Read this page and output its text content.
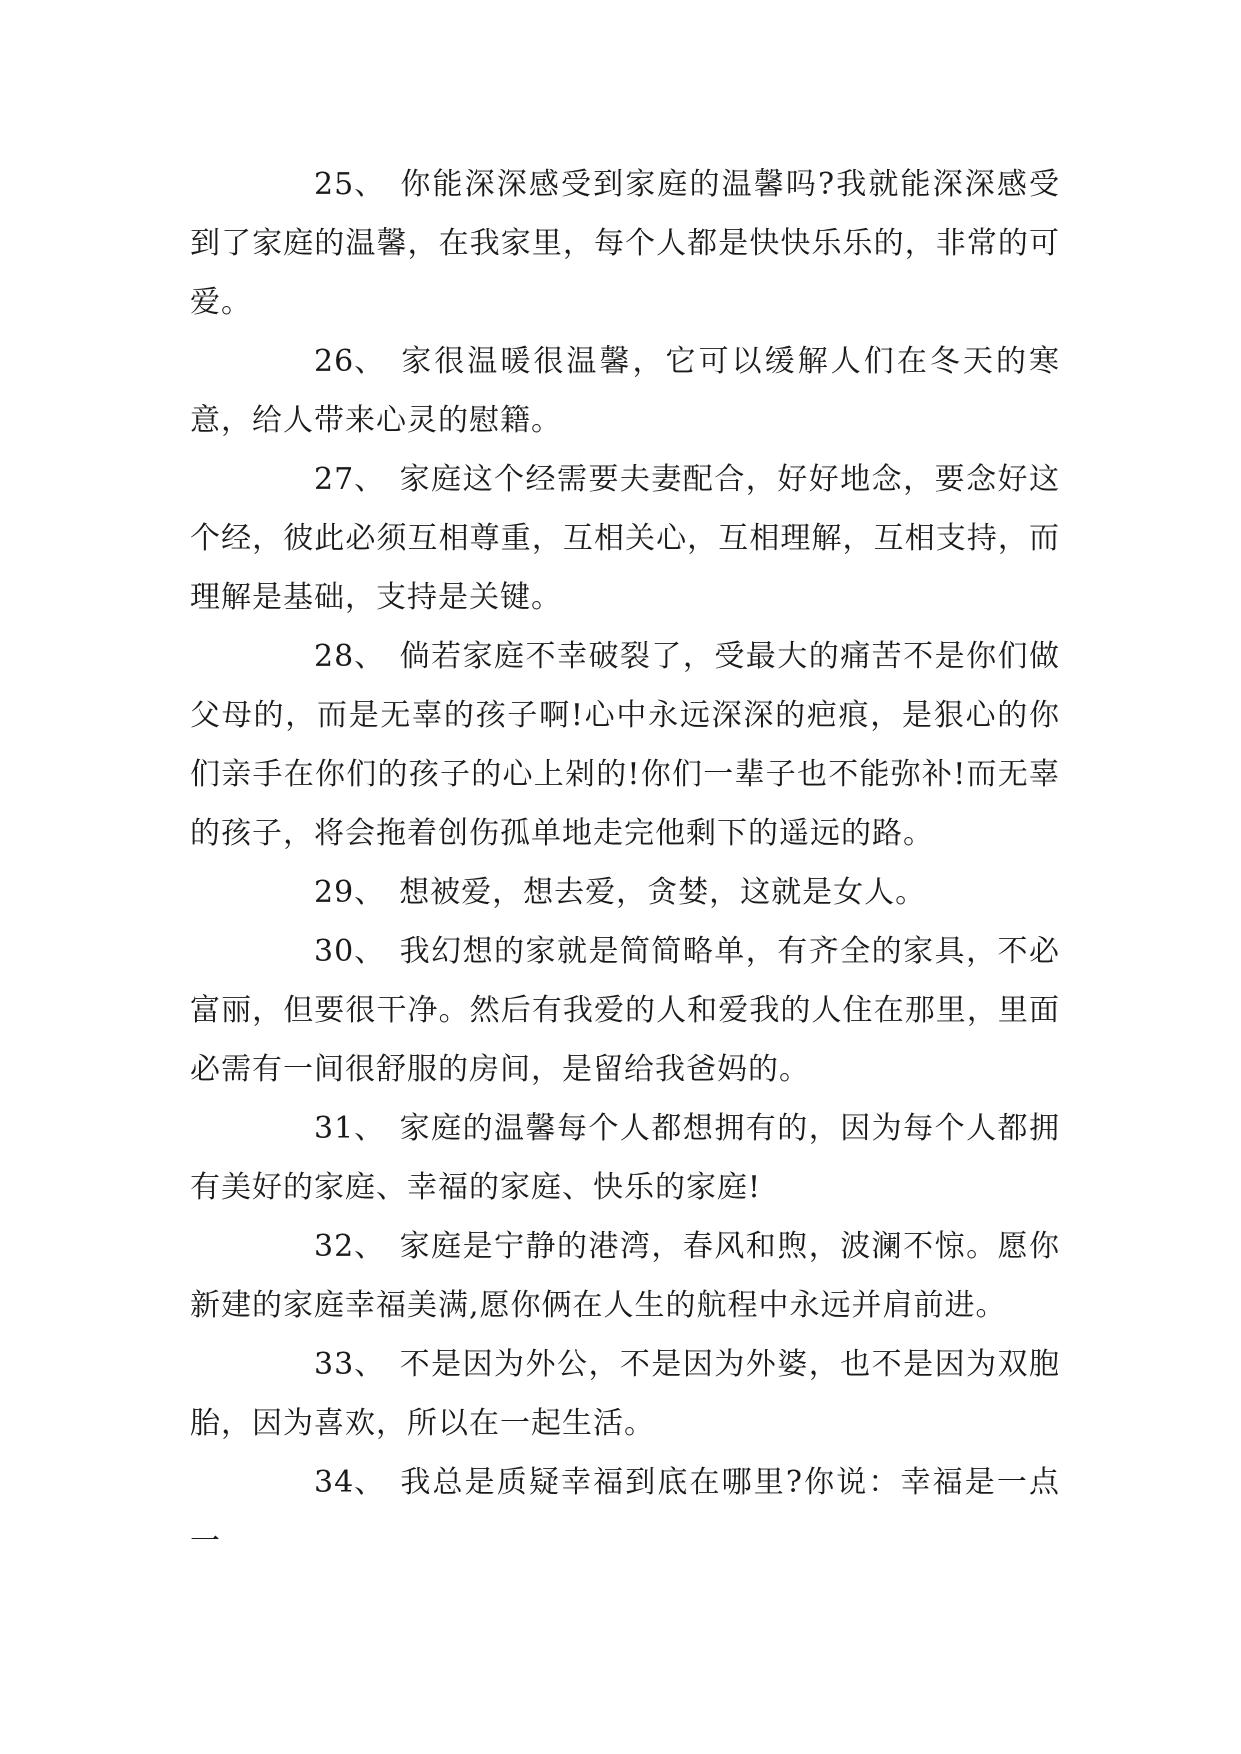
25、 你能深深感受到家庭的温馨吗?我就能深深感受到了家庭的温馨，在我家里，每个人都是快快乐乐的，非常的可爱。

26、 家很温暖很温馨，它可以缓解人们在冬天的寒意，给人带来心灵的慰籍。

27、 家庭这个经需要夫妻配合，好好地念，要念好这个经，彼此必须互相尊重，互相关心，互相理解，互相支持，而理解是基础，支持是关键。

28、 倘若家庭不幸破裂了，受最大的痛苦不是你们做父母的，而是无辜的孩子啊!心中永远深深的疤痕，是狠心的你们亲手在你们的孩子的心上剁的!你们一辈子也不能弥补!而无辜的孩子，将会拖着创伤孤单地走完他剩下的遥远的路。

29、 想被爱，想去爱，贪婪，这就是女人。

30、 我幻想的家就是简简略单，有齐全的家具，不必富丽，但要很干净。然后有我爱的人和爱我的人住在那里，里面必需有一间很舒服的房间，是留给我爸妈的。

31、 家庭的温馨每个人都想拥有的，因为每个人都拥有美好的家庭、幸福的家庭、快乐的家庭!

32、 家庭是宁静的港湾，春风和煦，波澜不惊。愿你新建的家庭幸福美满,愿你俩在人生的航程中永远并肩前进。

33、 不是因为外公，不是因为外婆，也不是因为双胞胎，因为喜欢，所以在一起生活。

34、 我总是质疑幸福到底在哪里?你说：幸福是一点一
